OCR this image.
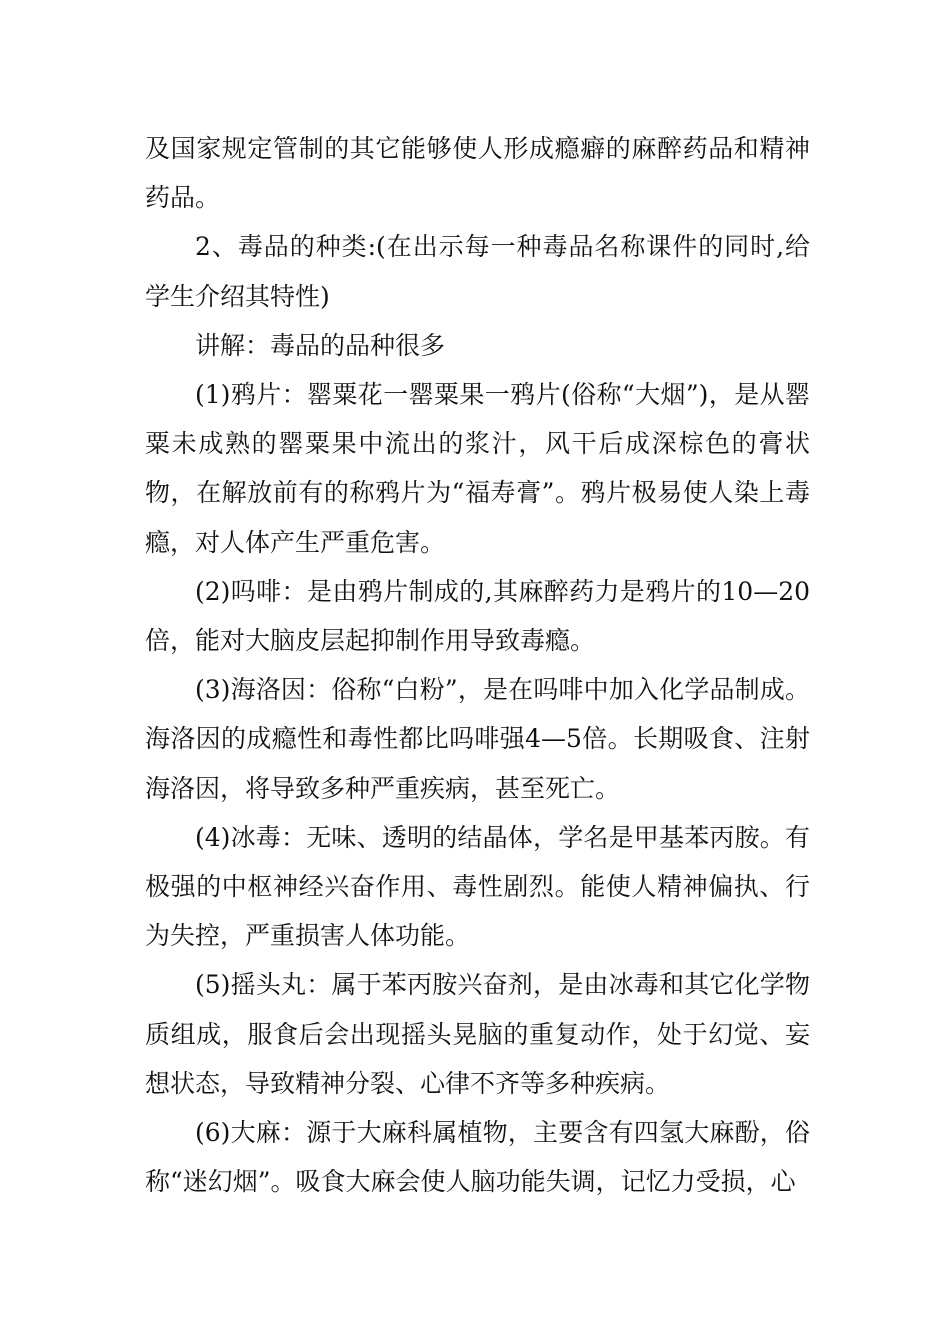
及国家规定管制的其它能够使人形成瘾癖的麻醉药品和精神药品。

2、毒品的种类:(在出示每一种毒品名称课件的同时,给学生介绍其特性)

讲解：毒品的品种很多

(1)鸦片：罂粟花一罂粟果一鸦片(俗称“大烟”)，是从罂粟未成熟的罂粟果中流出的浆汁，风干后成深棕色的膏状物，在解放前有的称鸦片为“福寿膏”。鸦片极易使人染上毒瘾，对人体产生严重危害。

(2)吗啡：是由鸦片制成的,其麻醉药力是鸦片的10—20倍，能对大脑皮层起抑制作用导致毒瘾。

(3)海洛因：俗称“白粉”，是在吗啡中加入化学品制成。海洛因的成瘾性和毒性都比吗啡强4—5倍。长期吸食、注射海洛因，将导致多种严重疾病，甚至死亡。

(4)冰毒：无味、透明的结晶体，学名是甲基苯丙胺。有极强的中枢神经兴奋作用、毒性剧烈。能使人精神偏执、行为失控，严重损害人体功能。

(5)摇头丸：属于苯丙胺兴奋剂，是由冰毒和其它化学物质组成，服食后会出现摇头晃脑的重复动作，处于幻觉、妄想状态，导致精神分裂、心律不齐等多种疾病。

(6)大麻：源于大麻科属植物，主要含有四氢大麻酚，俗称“迷幻烟”。吸食大麻会使人脑功能失调，记忆力受损，心
